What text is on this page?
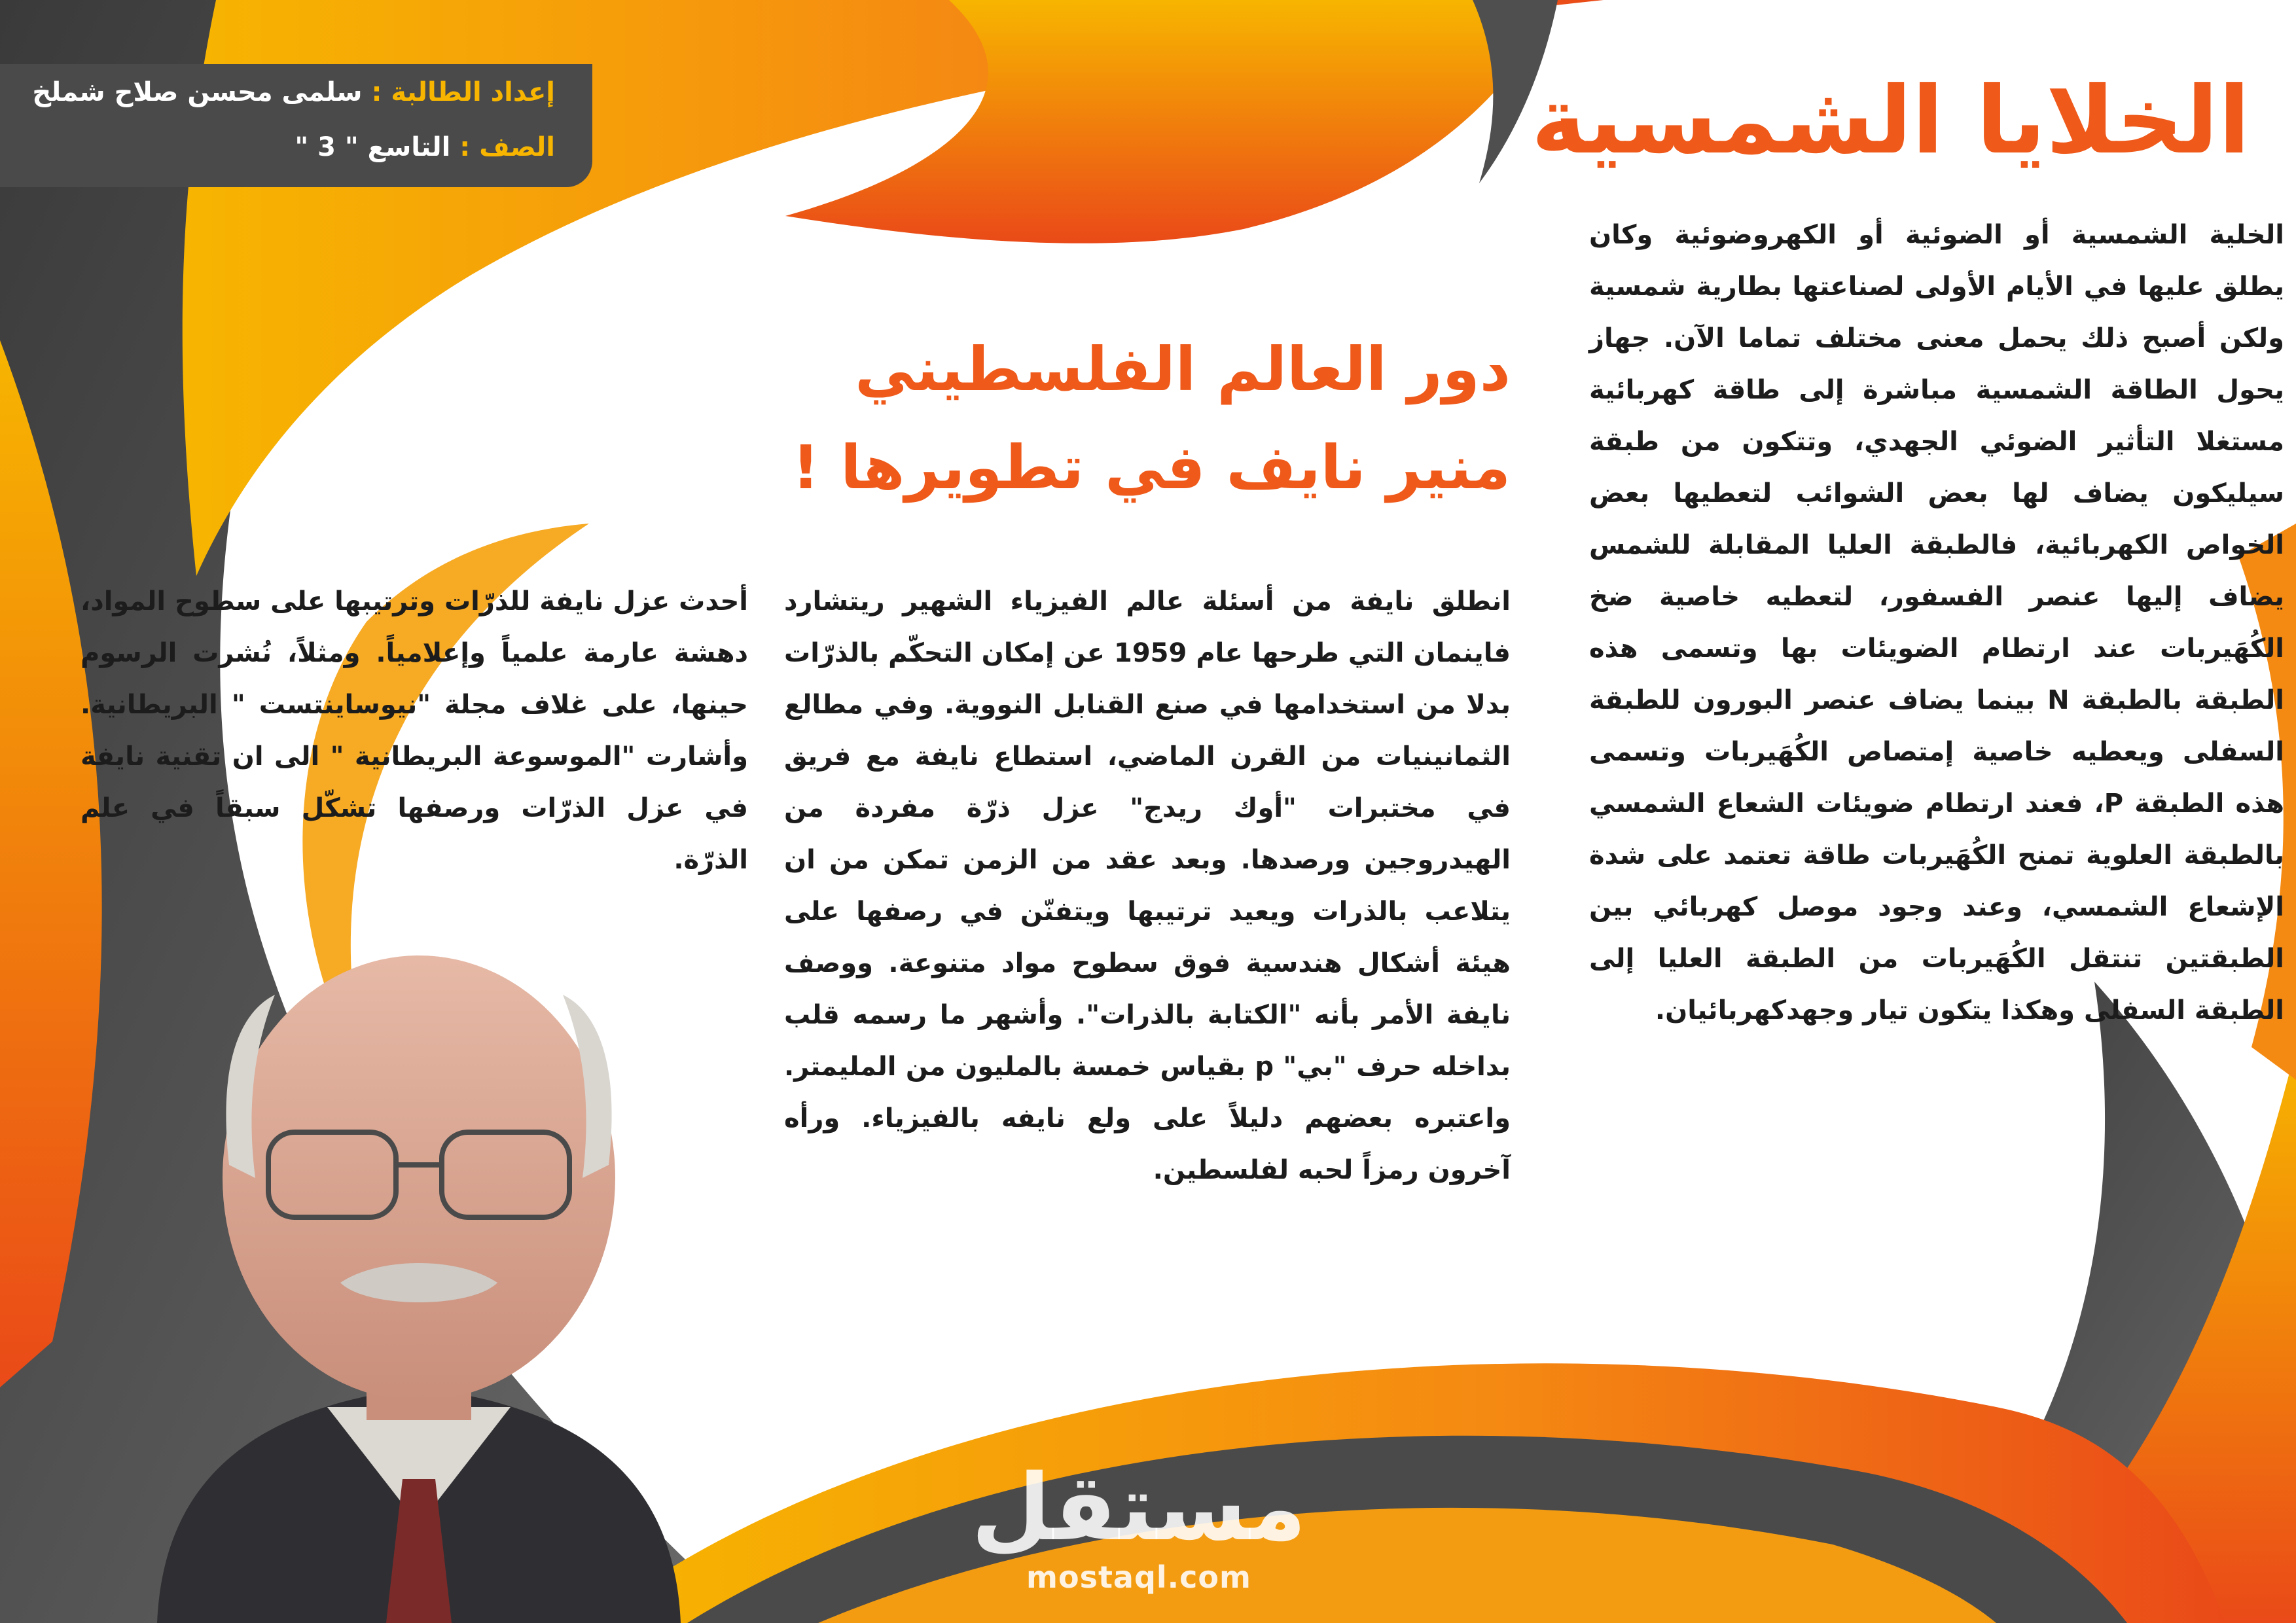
إعداد الطالبة : سلمى محسن صلاح شملخ
الصف : التاسع " 3 "	الخلايا الشمسية
الخلية الشمسية أو الضوئية أو الكهروضوئية وكان يطلق عليها في الأيام الأولى لصناعتها بطارية شمسية ولكن أصبح ذلك يحمل معنى مختلف تماما الآن. جهاز يحول الطاقة الشمسية مباشرة إلى طاقة كهربائية مستغلا التأثير الضوئي الجهدي، وتتكون من طبقة سيليكون يضاف لها بعض الشوائب لتعطيها بعض الخواص الكهربائية، فالطبقة العليا المقابلة للشمس يضاف إليها عنصر الفسفور، لتعطيه خاصية ضخ الكُهَيربات عند ارتطام الضويئات بها وتسمى هذه الطبقة بالطبقة N بينما يضاف عنصر البورون للطبقة السفلى ويعطيه خاصية إمتصاص الكُهَيربات وتسمى هذه الطبقة P، فعند ارتطام ضويئات الشعاع الشمسي بالطبقة العلوية تمنح الكُهَيربات طاقة تعتمد على شدة الإشعاع الشمسي، وعند وجود موصل كهربائي بين الطبقتين تنتقل الكُهَيربات من الطبقة العليا إلى الطبقة السفلى وهكذا يتكون تيار وجهدكهربائيان.
دور العالم الفلسطيني
منير نايف في تطويرها !
انطلق نايفة من أسئلة عالم الفيزياء الشهير ريتشارد فاينمان التي طرحها عام 1959 عن إمكان التحكّم بالذرّات بدلا من استخدامها في صنع القنابل النووية. وفي مطالع الثمانينيات من القرن الماضي، استطاع نايفة مع فريق في مختبرات "أوك ريدج" عزل ذرّة مفردة من الهيدروجين ورصدها. وبعد عقد من الزمن تمكن من ان يتلاعب بالذرات ويعيد ترتيبها ويتفنّن في رصفها على هيئة أشكال هندسية فوق سطوح مواد متنوعة. ووصف نايفة الأمر بأنه "الكتابة بالذرات". وأشهر ما رسمه قلب بداخله حرف "بي" p بقياس خمسة بالمليون من المليمتر. واعتبره بعضهم دليلاً على ولع نايفه بالفيزياء. ورأه آخرون رمزاً لحبه لفلسطين.
أحدث عزل نايفة للذرّات وترتيبها على سطوح المواد، دهشة عارمة علمياً وإعلامياً. ومثلاً، نُشرت الرسوم حينها، على غلاف مجلة "نيوساينتست " البريطانية. وأشارت "الموسوعة البريطانية " الى ان تقنية نايفة في عزل الذرّات ورصفها تشكّل سبقاً في علم الذرّة.
مستقل
mostaql.com
